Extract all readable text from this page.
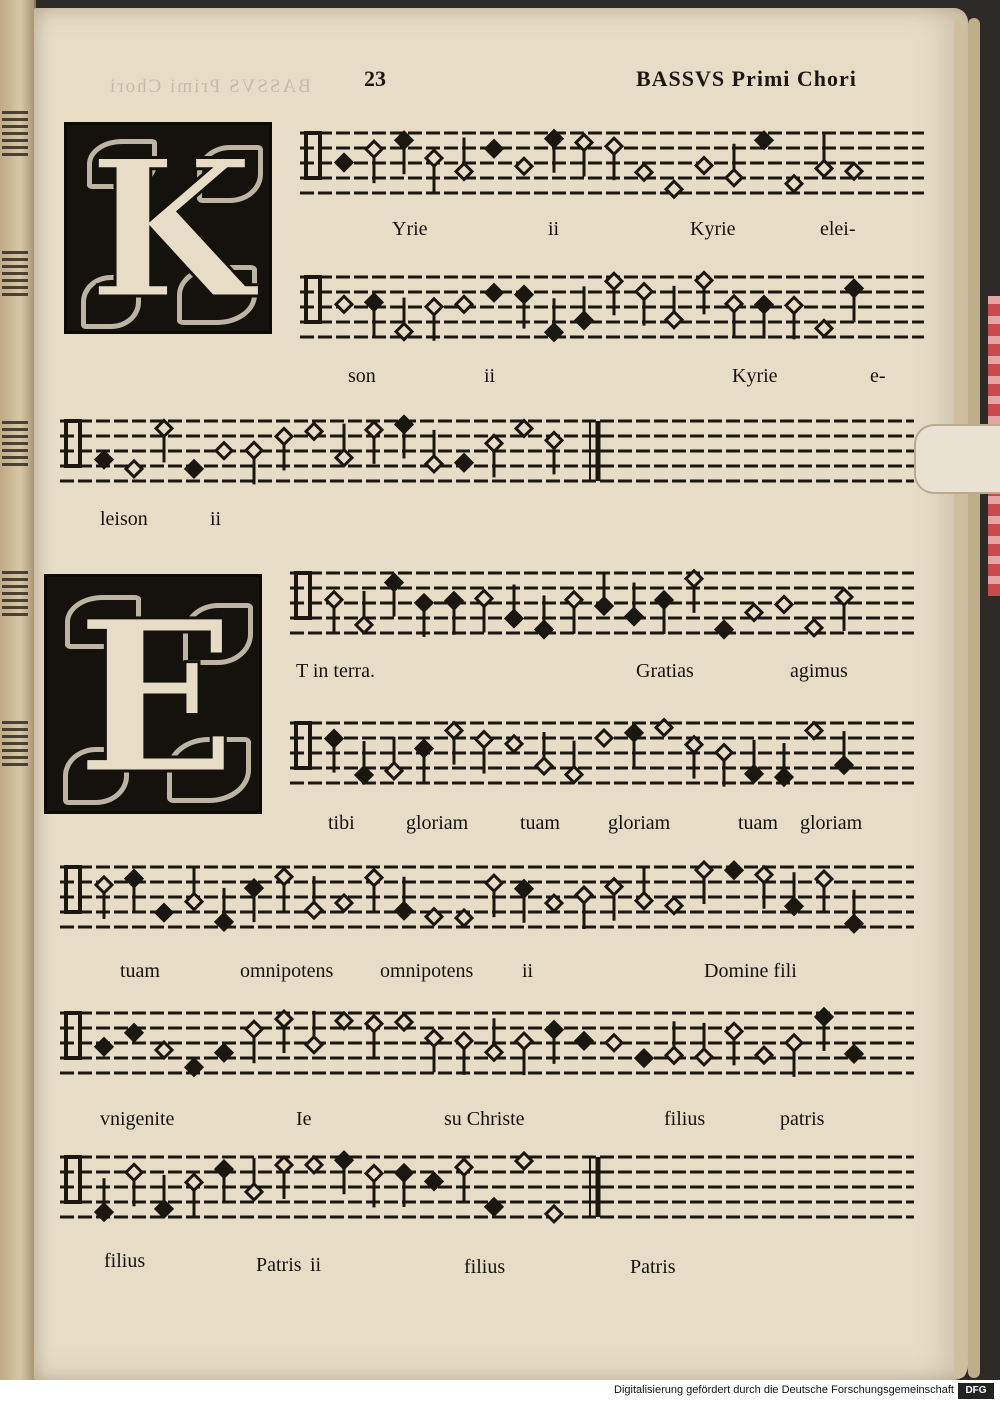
BASSVS Primi Chori 23	BASSVS Primi Chori
K
E
Yrie	ii	Kyrie	elei-
son	ii	Kyrie	e-
leison	ii
T in terra.	Gratias	agimus
tibi	gloriam	tuam gloriam	tuam gloriam
tuam	omnipotens omnipotens ii	Domine fili
vnigenite	Ie	su Christe	filius	patris
filius	Patris ii	filius	Patris
Digitalisierung gefördert durch die Deutsche Forschungsgemeinschaft	DFG
